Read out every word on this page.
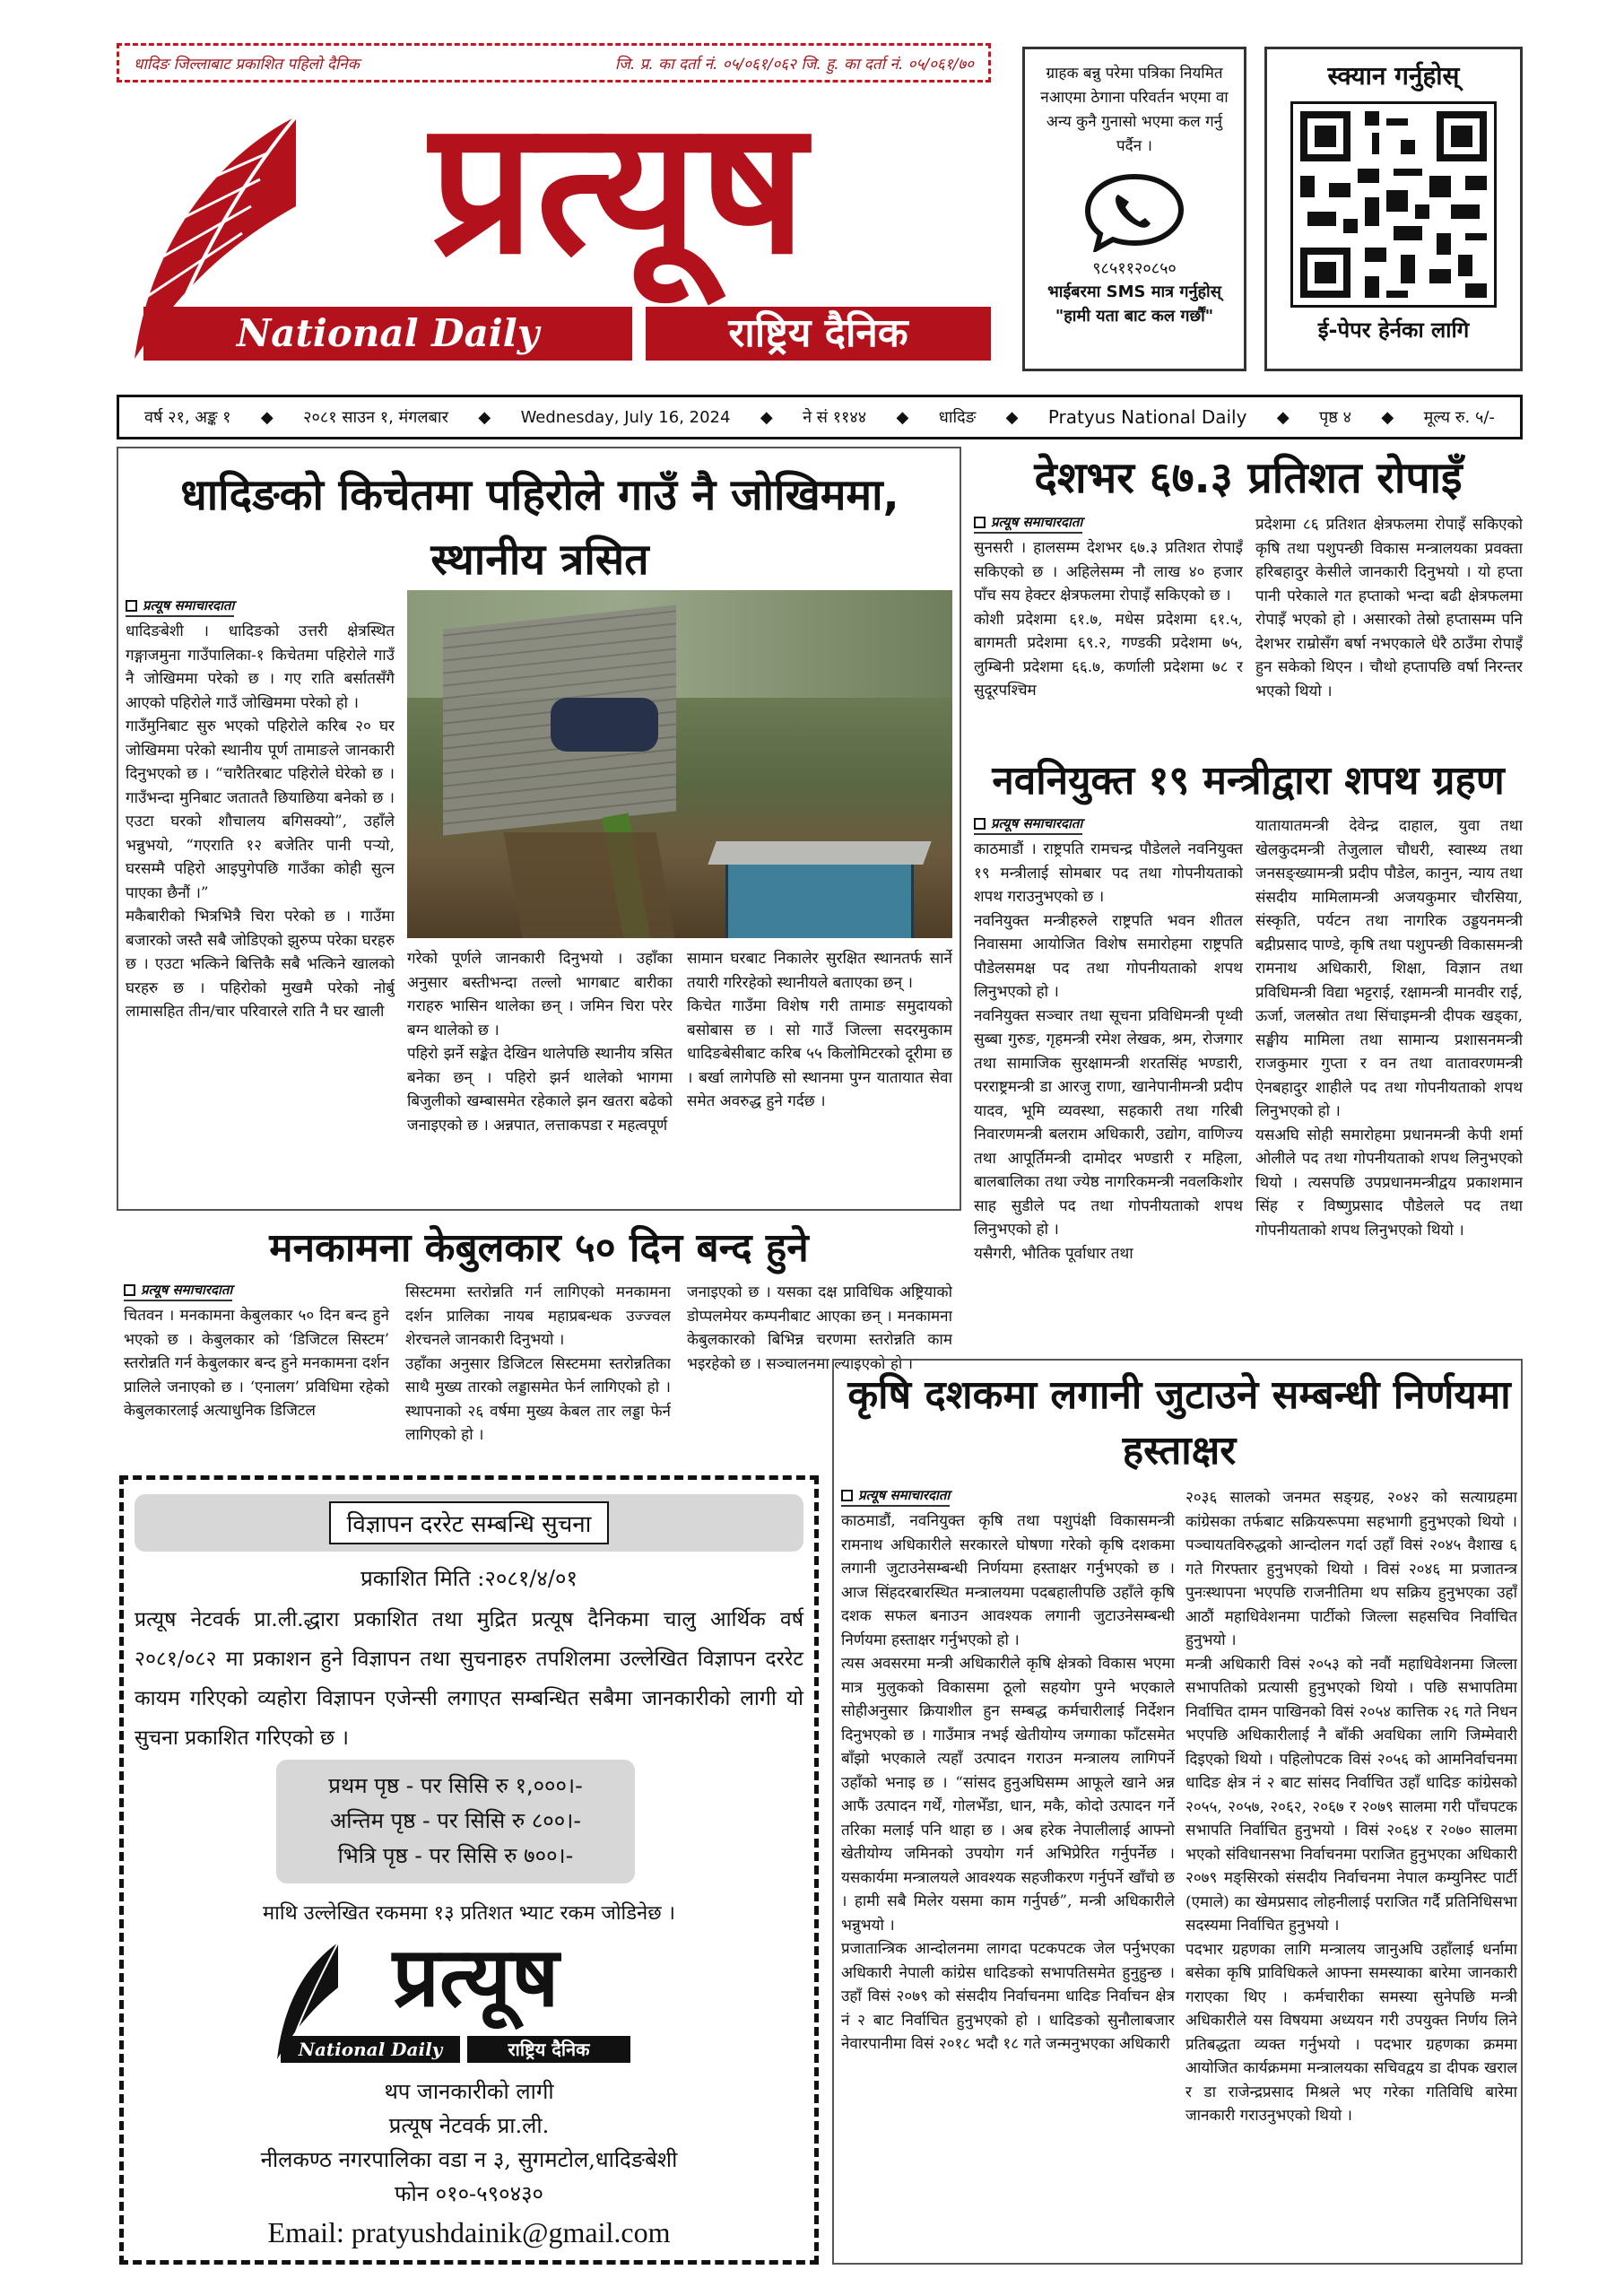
धादिङ जिल्लाबाट प्रकाशित पहिलो दैनिक	जि. प्र. का दर्ता नं. ०५/०६१/०६२ जि. हु. का दर्ता नं. ०५/०६१/७०
प्रत्यूष
National Daily	राष्ट्रिय दैनिक
ग्राहक बन्नु परेमा पत्रिका नियमित नआएमा ठेगाना परिवर्तन भएमा वा अन्य कुनै गुनासो भएमा कल गर्नु पर्दैन ।
९८५११२०८५०
भाईबरमा SMS मात्र गर्नुहोस्
"हामी यता बाट कल गर्छौं"
स्क्यान गर्नुहोस्
ई-पेपर हेर्नका लागि
वर्ष २१, अङ्क १ ◆ २०८१ साउन १, मंगलबार ◆ Wednesday, July 16, 2024 ◆ ने सं ११४४ ◆ धादिङ ◆ Pratyus National Daily ◆ पृष्ठ ४ ◆ मूल्य रु. ५/-
धादिङको किचेतमा पहिरोले गाउँ नै जोखिममा, स्थानीय त्रसित
प्रत्यूष समाचारदाता
धादिङबेशी । धादिङको उत्तरी क्षेत्रस्थित गङ्गाजमुना गाउँपालिका-१ किचेतमा पहिरोले गाउँ नै जोखिममा परेको छ । गए राति बर्सातसँगै आएको पहिरोले गाउँ जोखिममा परेको हो ।
गाउँमुनिबाट सुरु भएको पहिरोले करिब २० घर जोखिममा परेको स्थानीय पूर्ण तामाङले जानकारी दिनुभएको छ । “चारैतिरबाट पहिरोले घेरेको छ । गाउँभन्दा मुनिबाट जताततै छियाछिया बनेको छ । एउटा घरको शौचालय बगिसक्यो”, उहाँले भन्नुभयो, “गएराति १२ बजेतिर पानी पऱ्यो, घरसम्मै पहिरो आइपुगेपछि गाउँका कोही सुत्न पाएका छैनौं ।”
मकैबारीको भित्रभित्रै चिरा परेको छ । गाउँमा बजारको जस्तै सबै जोडिएको झुरुप्प परेका घरहरु छ । एउटा भत्किने बित्तिकै सबै भत्किने खालको घरहरु छ । पहिरोको मुखमै परेको नोर्बु लामासहित तीन/चार परिवारले राति नै घर खाली
गरेको पूर्णले जानकारी दिनुभयो । उहाँका अनुसार बस्तीभन्दा तल्लो भागबाट बारीका गराहरु भासिन थालेका छन् । जमिन चिरा परेर बग्न थालेको छ ।
पहिरो झर्ने सङ्केत देखिन थालेपछि स्थानीय त्रसित बनेका छन् । पहिरो झर्न थालेको भागमा बिजुलीको खम्बासमेत रहेकाले झन खतरा बढेको जनाइएको छ । अन्नपात, लत्ताकपडा र महत्वपूर्ण
सामान घरबाट निकालेर सुरक्षित स्थानतर्फ सार्ने तयारी गरिरहेको स्थानीयले बताएका छन् ।
किचेत गाउँमा विशेष गरी तामाङ समुदायको बसोबास छ । सो गाउँ जिल्ला सदरमुकाम धादिङबेसीबाट करिब ५५ किलोमिटरको दूरीमा छ । बर्खा लागेपछि सो स्थानमा पुग्न यातायात सेवा समेत अवरुद्ध हुने गर्दछ ।
देशभर ६७.३ प्रतिशत रोपाइँ
प्रत्यूष समाचारदाता
सुनसरी । हालसम्म देशभर ६७.३ प्रतिशत रोपाइँ सकिएको छ । अहिलेसम्म नौ लाख ४० हजार पाँच सय हेक्टर क्षेत्रफलमा रोपाइँ सकिएको छ ।
कोशी प्रदेशमा ६१.७, मधेस प्रदेशमा ६१.५, बागमती प्रदेशमा ६९.२, गण्डकी प्रदेशमा ७५, लुम्बिनी प्रदेशमा ६६.७, कर्णाली प्रदेशमा ७८ र सुदूरपश्चिम
प्रदेशमा ८६ प्रतिशत क्षेत्रफलमा रोपाइँ सकिएको कृषि तथा पशुपन्छी विकास मन्त्रालयका प्रवक्ता हरिबहादुर केसीले जानकारी दिनुभयो । यो हप्ता पानी परेकाले गत हप्ताको भन्दा बढी क्षेत्रफलमा रोपाइँ भएको हो । असारको तेस्रो हप्तासम्म पनि देशभर राम्रोसँग बर्षा नभएकाले धेरै ठाउँमा रोपाइँ हुन सकेको थिएन । चौथो हप्तापछि वर्षा निरन्तर भएको थियो ।
नवनियुक्त १९ मन्त्रीद्वारा शपथ ग्रहण
प्रत्यूष समाचारदाता
काठमाडौं । राष्ट्रपति रामचन्द्र पौडेलले नवनियुक्त १९ मन्त्रीलाई सोमबार पद तथा गोपनीयताको शपथ गराउनुभएको छ ।
नवनियुक्त मन्त्रीहरुले राष्ट्रपति भवन शीतल निवासमा आयोजित विशेष समारोहमा राष्ट्रपति पौडेलसमक्ष पद तथा गोपनीयताको शपथ लिनुभएको हो ।
नवनियुक्त सञ्चार तथा सूचना प्रविधिमन्त्री पृथ्वी सुब्बा गुरुङ, गृहमन्त्री रमेश लेखक, श्रम, रोजगार तथा सामाजिक सुरक्षामन्त्री शरतसिंह भण्डारी, परराष्ट्रमन्त्री डा आरजु राणा, खानेपानीमन्त्री प्रदीप यादव, भूमि व्यवस्था, सहकारी तथा गरिबी निवारणमन्त्री बलराम अधिकारी, उद्योग, वाणिज्य तथा आपूर्तिमन्त्री दामोदर भण्डारी र महिला, बालबालिका तथा ज्येष्ठ नागरिकमन्त्री नवलकिशोर साह सुडीले पद तथा गोपनीयताको शपथ लिनुभएको हो ।
यसैगरी, भौतिक पूर्वाधार तथा
यातायातमन्त्री देवेन्द्र दाहाल, युवा तथा खेलकुदमन्त्री तेजुलाल चौधरी, स्वास्थ्य तथा जनसङ्ख्यामन्त्री प्रदीप पौडेल, कानुन, न्याय तथा संसदीय मामिलामन्त्री अजयकुमार चौरसिया, संस्कृति, पर्यटन तथा नागरिक उड्डयनमन्त्री बद्रीप्रसाद पाण्डे, कृषि तथा पशुपन्छी विकासमन्त्री रामनाथ अधिकारी, शिक्षा, विज्ञान तथा प्रविधिमन्त्री विद्या भट्टराई, रक्षामन्त्री मानवीर राई, ऊर्जा, जलस्रोत तथा सिंचाइमन्त्री दीपक खड्का, सङ्घीय मामिला तथा सामान्य प्रशासनमन्त्री राजकुमार गुप्ता र वन तथा वातावरणमन्त्री ऐनबहादुर शाहीले पद तथा गोपनीयताको शपथ लिनुभएको हो ।
यसअघि सोही समारोहमा प्रधानमन्त्री केपी शर्मा ओलीले पद तथा गोपनीयताको शपथ लिनुभएको थियो । त्यसपछि उपप्रधानमन्त्रीद्वय प्रकाशमान सिंह र विष्णुप्रसाद पौडेलले पद तथा गोपनीयताको शपथ लिनुभएको थियो ।
मनकामना केबुलकार ५० दिन बन्द हुने
प्रत्यूष समाचारदाता
चितवन । मनकामना केबुलकार ५० दिन बन्द हुने भएको छ । केबुलकार को ‘डिजिटल सिस्टम’ स्तरोन्नति गर्न केबुलकार बन्द हुने मनकामना दर्शन प्रालिले जनाएको छ । ‘एनालग’ प्रविधिमा रहेको केबुलकारलाई अत्याधुनिक डिजिटल
सिस्टममा स्तरोन्नति गर्न लागिएको मनकामना दर्शन प्रालिका नायब महाप्रबन्धक उज्ज्वल शेरचनले जानकारी दिनुभयो ।
उहाँका अनुसार डिजिटल सिस्टममा स्तरोन्नतिका साथै मुख्य तारको लड्डासमेत फेर्न लागिएको हो । स्थापनाको २६ वर्षमा मुख्य केबल तार लड्डा फेर्न लागिएको हो ।
जनाइएको छ । यसका दक्ष प्राविधिक अष्ट्रियाको डोप्पलमेयर कम्पनीबाट आएका छन् । मनकामना केबुलकारको बिभिन्न चरणमा स्तरोन्नति काम भइरहेको छ । सञ्चालनमा ल्याइएको हो ।
कृषि दशकमा लगानी जुटाउने सम्बन्धी निर्णयमा हस्ताक्षर
प्रत्यूष समाचारदाता
काठमाडौं, नवनियुक्त कृषि तथा पशुपंक्षी विकासमन्त्री रामनाथ अधिकारीले सरकारले घोषणा गरेको कृषि दशकमा लगानी जुटाउनेसम्बन्धी निर्णयमा हस्ताक्षर गर्नुभएको छ । आज सिंहदरबारस्थित मन्त्रालयमा पदबहालीपछि उहाँले कृषि दशक सफल बनाउन आवश्यक लगानी जुटाउनेसम्बन्धी निर्णयमा हस्ताक्षर गर्नुभएको हो ।
त्यस अवसरमा मन्त्री अधिकारीले कृषि क्षेत्रको विकास भएमा मात्र मुलुकको विकासमा ठूलो सहयोग पुग्ने भएकाले सोहीअनुसार क्रियाशील हुन सम्बद्ध कर्मचारीलाई निर्देशन दिनुभएको छ । गाउँमात्र नभई खेतीयोग्य जग्गाका फाँटसमेत बाँझो भएकाले त्यहाँ उत्पादन गराउन मन्त्रालय लागिपर्ने उहाँको भनाइ छ । “सांसद हुनुअघिसम्म आफूले खाने अन्न आफैं उत्पादन गर्थें, गोलभेँडा, धान, मकै, कोदो उत्पादन गर्ने तरिका मलाई पनि थाहा छ । अब हरेक नेपालीलाई आफ्नो खेतीयोग्य जमिनको उपयोग गर्न अभिप्रेरित गर्नुपर्नेछ । यसकार्यमा मन्त्रालयले आवश्यक सहजीकरण गर्नुपर्ने खाँचो छ । हामी सबै मिलेर यसमा काम गर्नुपर्छ”, मन्त्री अधिकारीले भन्नुभयो ।
प्रजातान्त्रिक आन्दोलनमा लागदा पटकपटक जेल पर्नुभएका अधिकारी नेपाली कांग्रेस धादिङको सभापतिसमेत हुनुहुन्छ । उहाँ विसं २०७९ को संसदीय निर्वाचनमा धादिङ निर्वाचन क्षेत्र नं २ बाट निर्वाचित हुनुभएको हो । धादिङको सुनौलाबजार नेवारपानीमा विसं २०१८ भदौ १८ गते जन्मनुभएका अधिकारी
२०३६ सालको जनमत सङ्ग्रह, २०४२ को सत्याग्रहमा कांग्रेसका तर्फबाट सक्रियरूपमा सहभागी हुनुभएको थियो । पञ्चायतविरुद्धको आन्दोलन गर्दा उहाँ विसं २०४५ वैशाख ६ गते गिरफ्तार हुनुभएको थियो । विसं २०४६ मा प्रजातन्त्र पुनःस्थापना भएपछि राजनीतिमा थप सक्रिय हुनुभएका उहाँ आठौं महाधिवेशनमा पार्टीको जिल्ला सहसचिव निर्वाचित हुनुभयो ।
मन्त्री अधिकारी विसं २०५३ को नवौं महाधिवेशनमा जिल्ला सभापतिको प्रत्यासी हुनुभएको थियो । पछि सभापतिमा निर्वाचित दामन पाखिनको विसं २०५४ कात्तिक २६ गते निधन भएपछि अधिकारीलाई नै बाँकी अवधिका लागि जिम्मेवारी दिइएको थियो । पहिलोपटक विसं २०५६ को आमनिर्वाचनमा धादिङ क्षेत्र नं २ बाट सांसद निर्वाचित उहाँ धादिङ कांग्रेसको २०५५, २०५७, २०६२, २०६७ र २०७९ सालमा गरी पाँचपटक सभापति निर्वाचित हुनुभयो । विसं २०६४ र २०७० सालमा भएको संविधानसभा निर्वाचनमा पराजित हुनुभएका अधिकारी २०७९ मङ्सिरको संसदीय निर्वाचनमा नेपाल कम्युनिस्ट पार्टी (एमाले) का खेमप्रसाद लोहनीलाई पराजित गर्दै प्रतिनिधिसभा सदस्यमा निर्वाचित हुनुभयो ।
पदभार ग्रहणका लागि मन्त्रालय जानुअघि उहाँलाई धर्नामा बसेका कृषि प्राविधिकले आफ्ना समस्याका बारेमा जानकारी गराएका थिए । कर्मचारीका समस्या सुनेपछि मन्त्री अधिकारीले यस विषयमा अध्ययन गरी उपयुक्त निर्णय लिने प्रतिबद्धता व्यक्त गर्नुभयो । पदभार ग्रहणका क्रममा आयोजित कार्यक्रममा मन्त्रालयका सचिवद्वय डा दीपक खराल र डा राजेन्द्रप्रसाद मिश्रले भए गरेका गतिविधि बारेमा जानकारी गराउनुभएको थियो ।
विज्ञापन दररेट सम्बन्धि सुचना
प्रकाशित मिति :२०८१/४/०१
प्रत्यूष नेटवर्क प्रा.ली.द्धारा प्रकाशित तथा मुद्रित प्रत्यूष दैनिकमा चालु आर्थिक वर्ष २०८१/०८२ मा प्रकाशन हुने विज्ञापन तथा सुचनाहरु तपशिलमा उल्लेखित विज्ञापन दररेट कायम गरिएको व्यहोरा विज्ञापन एजेन्सी लगाएत सम्बन्धित सबैमा जानकारीको लागी यो सुचना प्रकाशित गरिएको छ ।
प्रथम पृष्ठ - पर सिसि रु १,०००।-
अन्तिम पृष्ठ - पर सिसि रु ८००।-
भित्रि पृष्ठ - पर सिसि रु ७००।-
माथि उल्लेखित रकममा १३ प्रतिशत भ्याट रकम जोडिनेछ ।
प्रत्यूष
National Daily	राष्ट्रिय दैनिक
थप जानकारीको लागी
प्रत्यूष नेटवर्क प्रा.ली.
नीलकण्ठ नगरपालिका वडा न ३, सुगमटोल,धादिङबेशी
फोन ०१०-५९०४३०
Email: pratyushdainik@gmail.com
